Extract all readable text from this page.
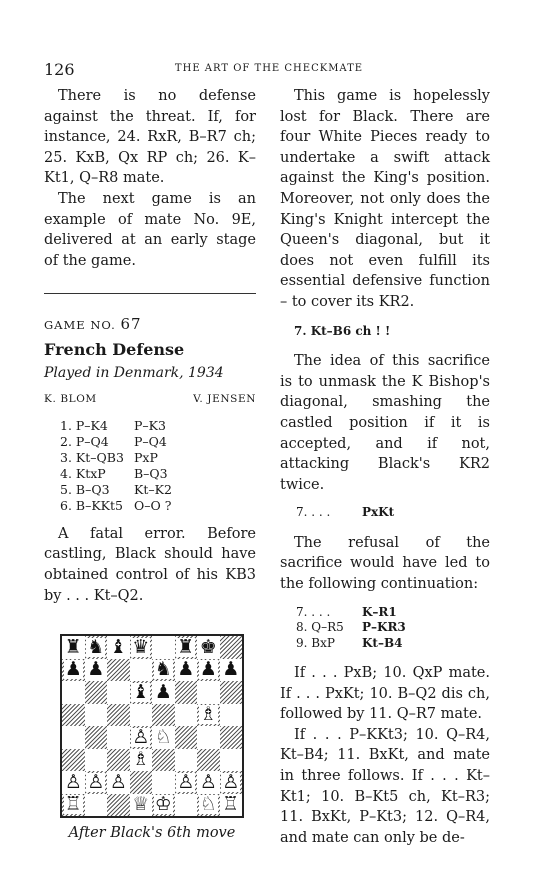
126	THE ART OF THE CHECKMATE

There is no defense against the threat. If, for instance, 24. RxR, B–R7 ch; 25. KxB, Qx RP ch; 26. K–Kt1, Q–R8 mate.

The next game is an example of mate No. 9E, delivered at an early stage of the game.

GAME NO. 67
French Defense
Played in Denmark, 1934
K. BLOM	V. JENSEN
1. P–K4	P–K3
2. P–Q4	P–Q4
3. Kt–QB3 PxP
4. KtxP	B–Q3
5. B–Q3	Kt–K2
6. B–KKt5 O–O ?

A fatal error. Before castling, Black should have obtained control of his KB3 by . . . Kt–Q2.

♜ ♞ ♝ ♛ ♜ ♚
♟ ♟	♞ ♟ ♟ ♟
♝ ♟
♗
♙ ♘
♗
♙ ♙ ♙	♙ ♙ ♙
♖	♕ ♔ ♘ ♖
After Black's 6th move

This game is hopelessly lost for Black. There are four White Pieces ready to undertake a swift attack against the King's position. Moreover, not only does the King's Knight intercept the Queen's diagonal, but it does not even fulfill its essential defensive function – to cover its KR2.

7. Kt–B6 ch ! !

The idea of this sacrifice is to unmask the K Bishop's diagonal, smashing the castled position if it is accepted, and if not, attacking Black's KR2 twice.

7. . . .	PxKt

The refusal of the sacrifice would have led to the following continuation:

7. . . .	K–R1
8. Q–R5	P–KR3
9. BxP	Kt–B4

If . . . PxB; 10. QxP mate. If . . . PxKt; 10. B–Q2 dis ch, followed by 11. Q–R7 mate.

If . . . P–KKt3; 10. Q–R4, Kt–B4; 11. BxKt, and mate in three follows. If . . . Kt–Kt1; 10. B–Kt5 ch, Kt–R3; 11. BxKt, P–Kt3; 12. Q–R4, and mate can only be de-
